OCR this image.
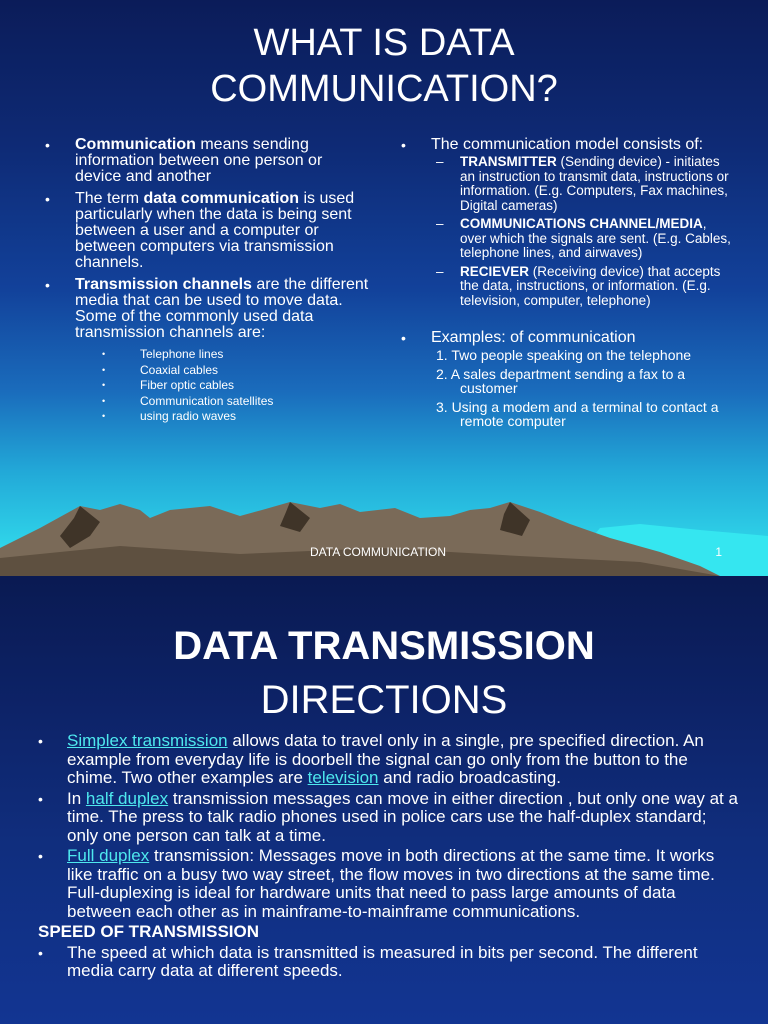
WHAT IS DATA
COMMUNICATION?

• Communication means sending information between one person or device and another

• The term data communication is used particularly when the data is being sent between a user and a computer or between computers via transmission channels.

• Transmission channels are the different media that can be used to move data. Some of the commonly used data transmission channels are:

• Telephone lines

• Coaxial cables

• Fiber optic cables

• Communication satellites

• using radio waves

• The communication model consists of:

– TRANSMITTER (Sending device) - initiates an instruction to transmit data, instructions or information. (E.g. Computers, Fax machines, Digital cameras)

– COMMUNICATIONS CHANNEL/MEDIA, over which the signals are sent. (E.g. Cables, telephone lines, and airwaves)

– RECIEVER (Receiving device) that accepts the data, instructions, or information. (E.g. television, computer, telephone)

• Examples: of communication

1. Two people speaking on the telephone

2. A sales department sending a fax to a customer

3. Using a modem and a terminal to contact a remote computer

DATA COMMUNICATION	1
DATA TRANSMISSION
DIRECTIONS

• Simplex transmission allows data to travel only in a single, pre specified direction. An example from everyday life is doorbell the signal can go only from the button to the chime. Two other examples are television and radio broadcasting.

• In half duplex transmission messages can move in either direction , but only one way at a time. The press to talk radio phones used in police cars use the half-duplex standard; only one person can talk at a time.

• Full duplex transmission: Messages move in both directions at the same time. It works like traffic on a busy two way street, the flow moves in two directions at the same time. Full-duplexing is ideal for hardware units that need to pass large amounts of data between each other as in mainframe-to-mainframe communications.

SPEED OF TRANSMISSION

• The speed at which data is transmitted is measured in bits per second. The different media carry data at different speeds.
